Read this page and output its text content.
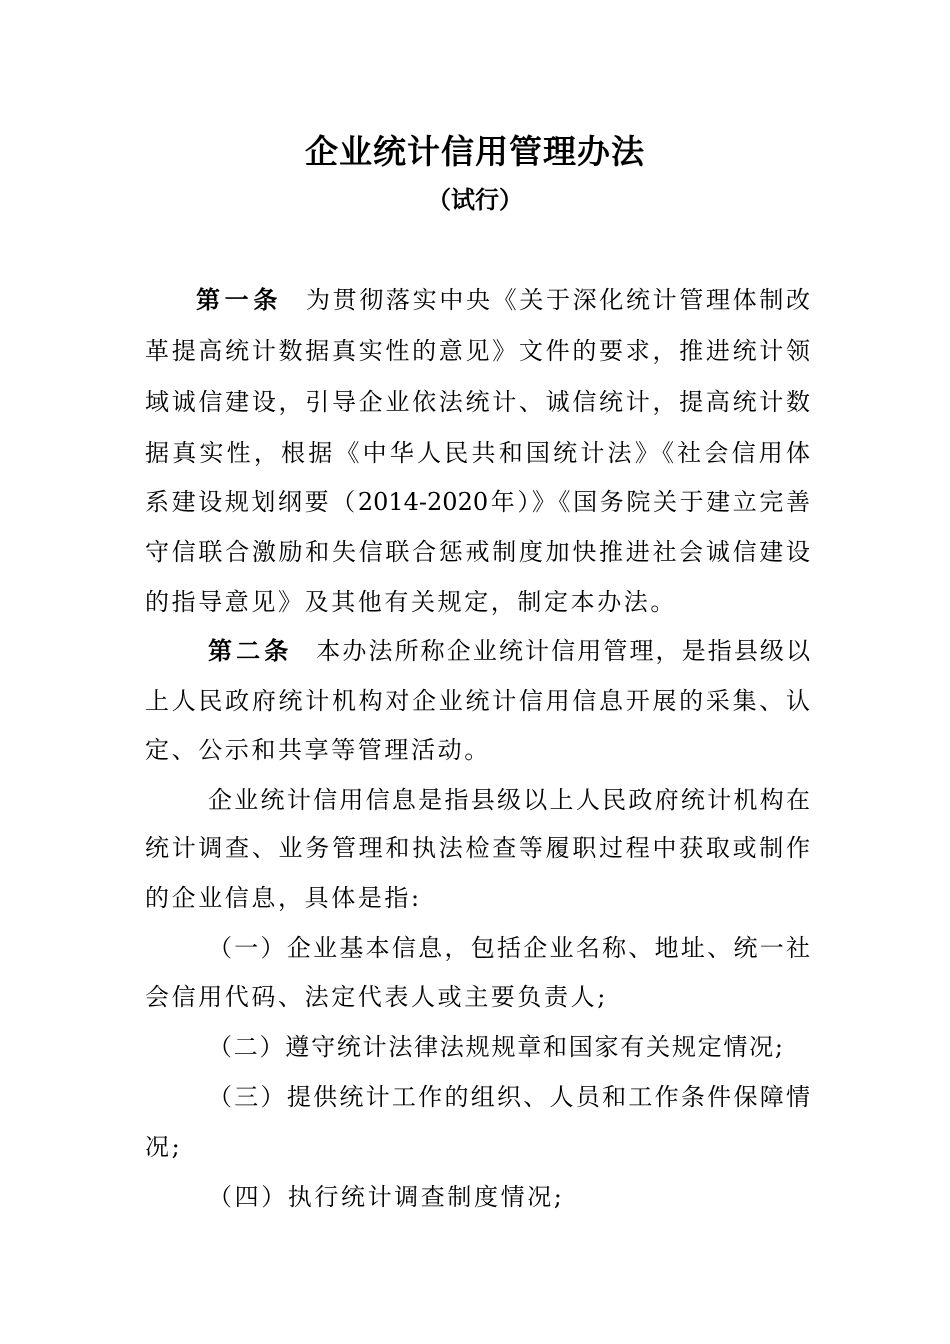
企业统计信用管理办法
（试行）
第一条 为贯彻落实中央《关于深化统计管理体制改
革提高统计数据真实性的意见》文件的要求，推进统计领
域诚信建设，引导企业依法统计、诚信统计，提高统计数
据真实性，根据《中华人民共和国统计法》《社会信用体
系建设规划纲要（2014-2020年）》《国务院关于建立完善
守信联合激励和失信联合惩戒制度加快推进社会诚信建设
的指导意见》及其他有关规定，制定本办法。
第二条 本办法所称企业统计信用管理，是指县级以
上人民政府统计机构对企业统计信用信息开展的采集、认
定、公示和共享等管理活动。
企业统计信用信息是指县级以上人民政府统计机构在
统计调查、业务管理和执法检查等履职过程中获取或制作
的企业信息，具体是指:
（一）企业基本信息，包括企业名称、地址、统一社
会信用代码、法定代表人或主要负责人;
（二）遵守统计法律法规规章和国家有关规定情况;
（三）提供统计工作的组织、人员和工作条件保障情
况;
（四）执行统计调查制度情况;
